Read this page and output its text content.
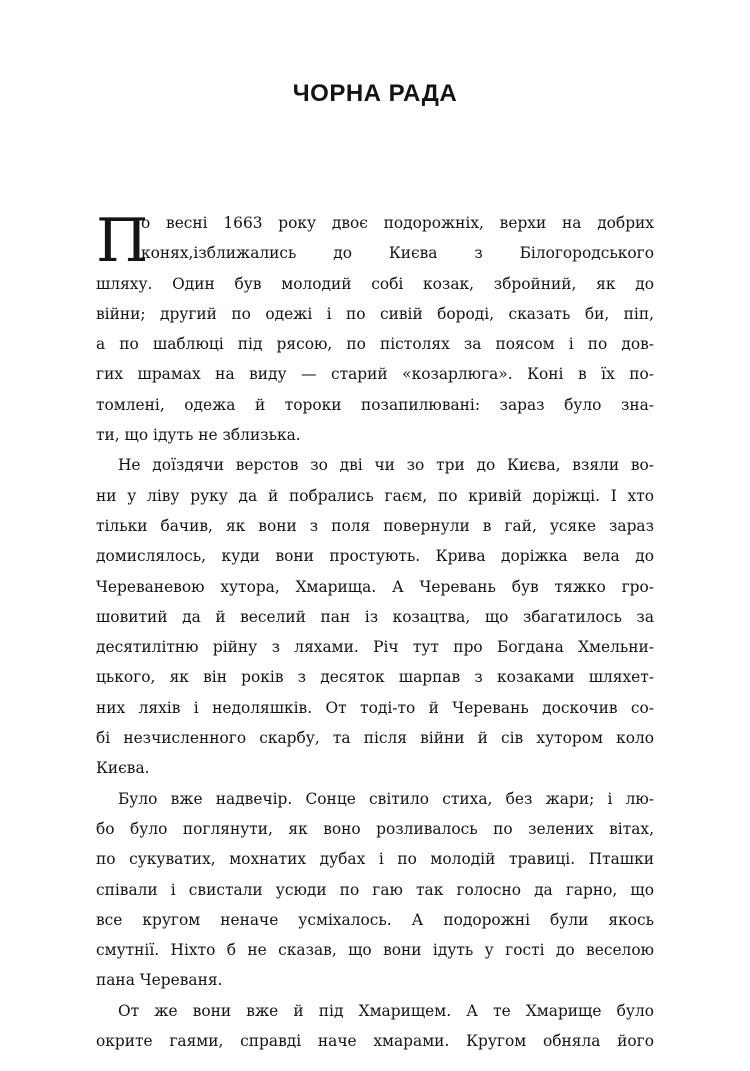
ЧОРНА РАДА
П
о весні 1663 року двоє подорожніх, верхи на добрих
конях,ізближались до Києва з Білогородського
шляху. Один був молодий собі козак, збройний, як до
війни; другий по одежі і по сивій бороді, сказать би, піп,
а по шаблюці під рясою, по пістолях за поясом і по дов-
гих шрамах на виду — старий «козарлюга». Коні в їх по-
томлені, одежа й тороки позапилювані: зараз було зна-
ти, що ідуть не зблизька.
Не доїздячи верстов зо дві чи зо три до Києва, взяли во-
ни у ліву руку да й побрались гаєм, по кривій доріжці. І хто
тільки бачив, як вони з поля повернули в гай, усяке зараз
домислялось, куди вони простують. Крива доріжка вела до
Череваневою хутора, Хмарища. А Черевань був тяжко гро-
шовитий да й веселий пан із козацтва, що збагатилось за
десятилітню рійну з ляхами. Річ тут про Богдана Хмельни-
цького, як він років з десяток шарпав з козаками шляхет-
них ляхів і недоляшків. От тоді-то й Черевань доскочив со-
бі незчисленного скарбу, та після війни й сів хутором коло
Києва.
Було вже надвечір. Сонце світило стиха, без жари; і лю-
бо було поглянути, як воно розливалось по зелених вітах,
по сукуватих, мохнатих дубах і по молодій травиці. Пташки
співали і свистали усюди по гаю так голосно да гарно, що
все кругом неначе усміхалось. А подорожні були якось
смутнії. Ніхто б не сказав, що вони ідуть у гості до веселою
пана Череваня.
От же вони вже й під Хмарищем. А те Хмарище було
окрите гаями, справді наче хмарами. Кругом обняла його
